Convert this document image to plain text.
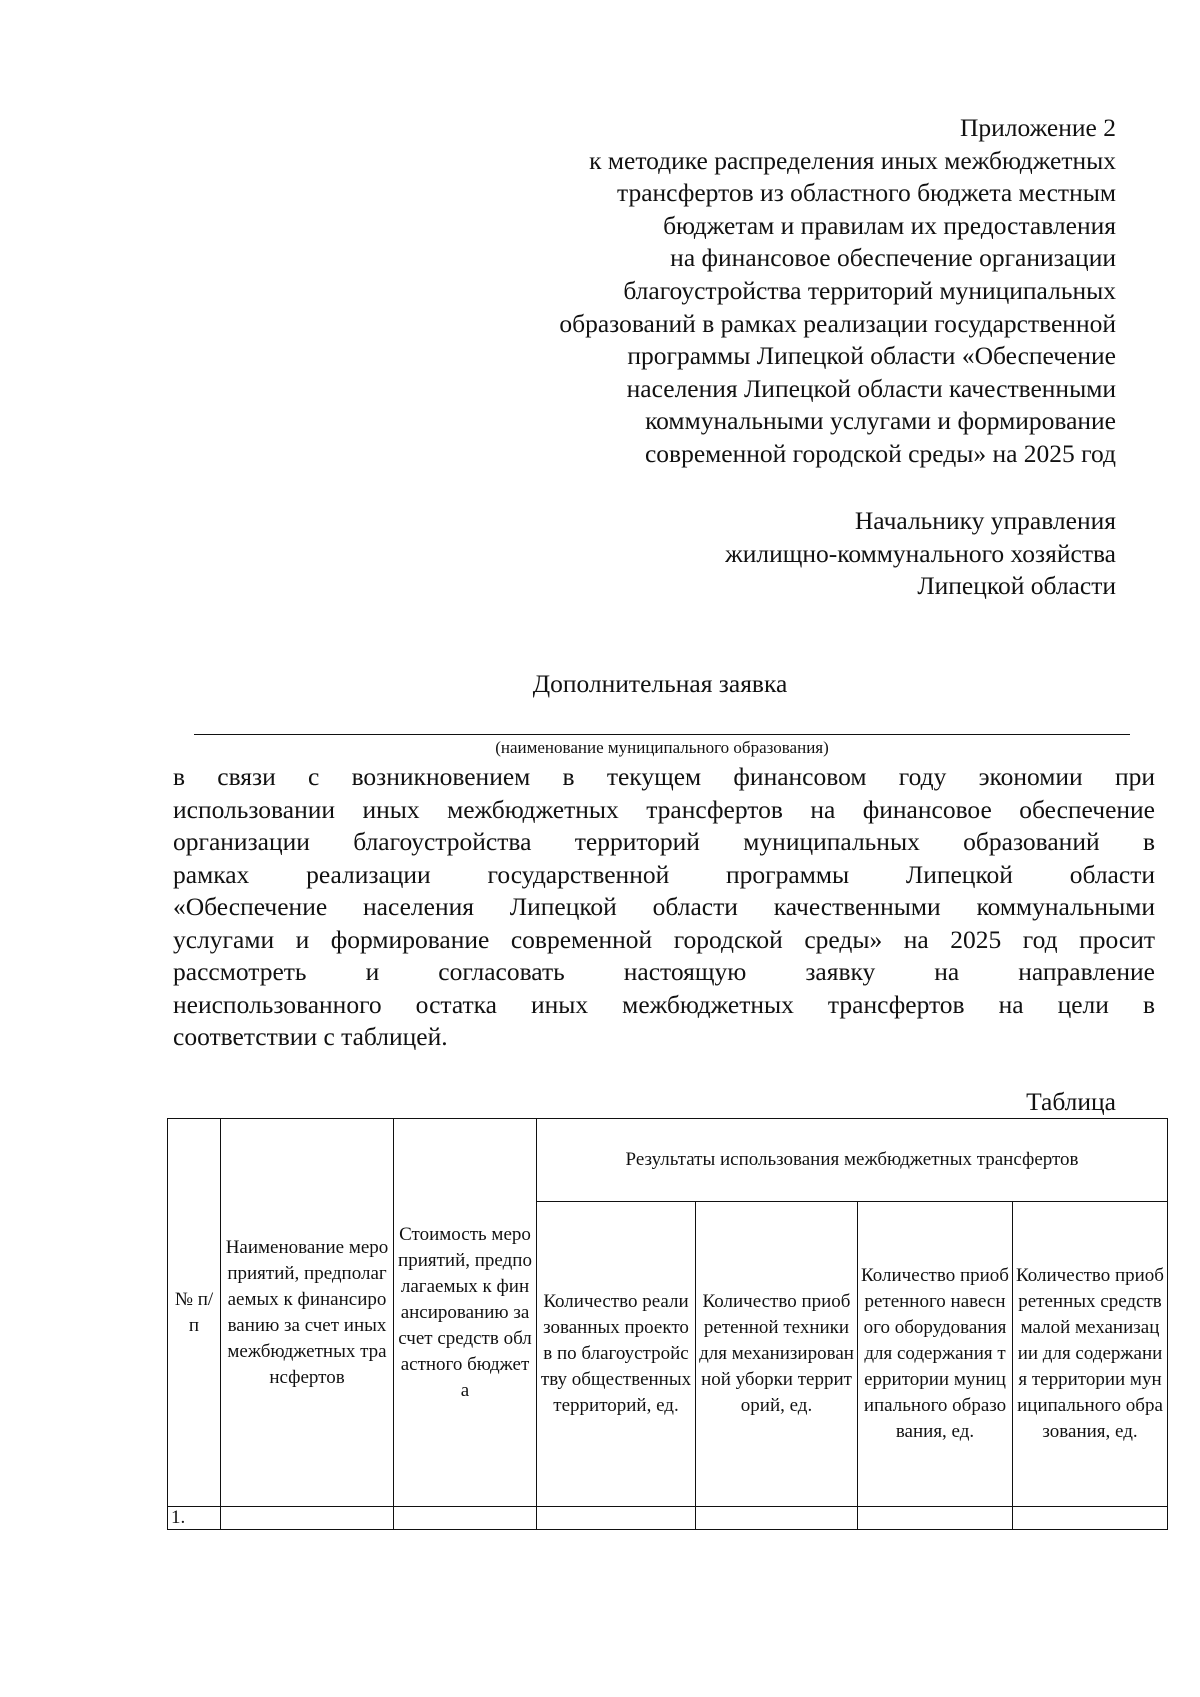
Приложение 2
к методике распределения иных межбюджетных
трансфертов из областного бюджета местным
бюджетам и правилам их предоставления
на финансовое обеспечение организации
благоустройства территорий муниципальных
образований в рамках реализации государственной
программы Липецкой области «Обеспечение
населения Липецкой области качественными
коммунальными услугами и формирование
современной городской среды» на 2025 год
Начальнику управления
жилищно-коммунального хозяйства
Липецкой области
Дополнительная заявка
(наименование муниципального образования)
в связи с возникновением в текущем финансовом году экономии при
использовании иных межбюджетных трансфертов на финансовое обеспечение
организации благоустройства территорий муниципальных образований в
рамках реализации государственной программы Липецкой области
«Обеспечение населения Липецкой области качественными коммунальными
услугами и формирование современной городской среды» на 2025 год просит
рассмотреть и согласовать настоящую заявку на направление
неиспользованного остатка иных межбюджетных трансфертов на цели в
соответствии с таблицей.
Таблица
№ п/п	Наименование мероприятий, предполагаемых к финансированию за счет иных межбюджетных трансфертов	Стоимость мероприятий, предполагаемых к финансированию за счет средств областного бюджета	Результаты использования межбюджетных трансфертов			
			Количество реализованных проектов по благоустройству общественных территорий, ед.	Количество приобретенной техники для механизированной уборки территорий, ед.	Количество приобретенного навесного оборудования для содержания территории муниципального образования, ед.	Количество приобретенных средств малой механизации для содержания территории муниципального образования, ед.
1.						
